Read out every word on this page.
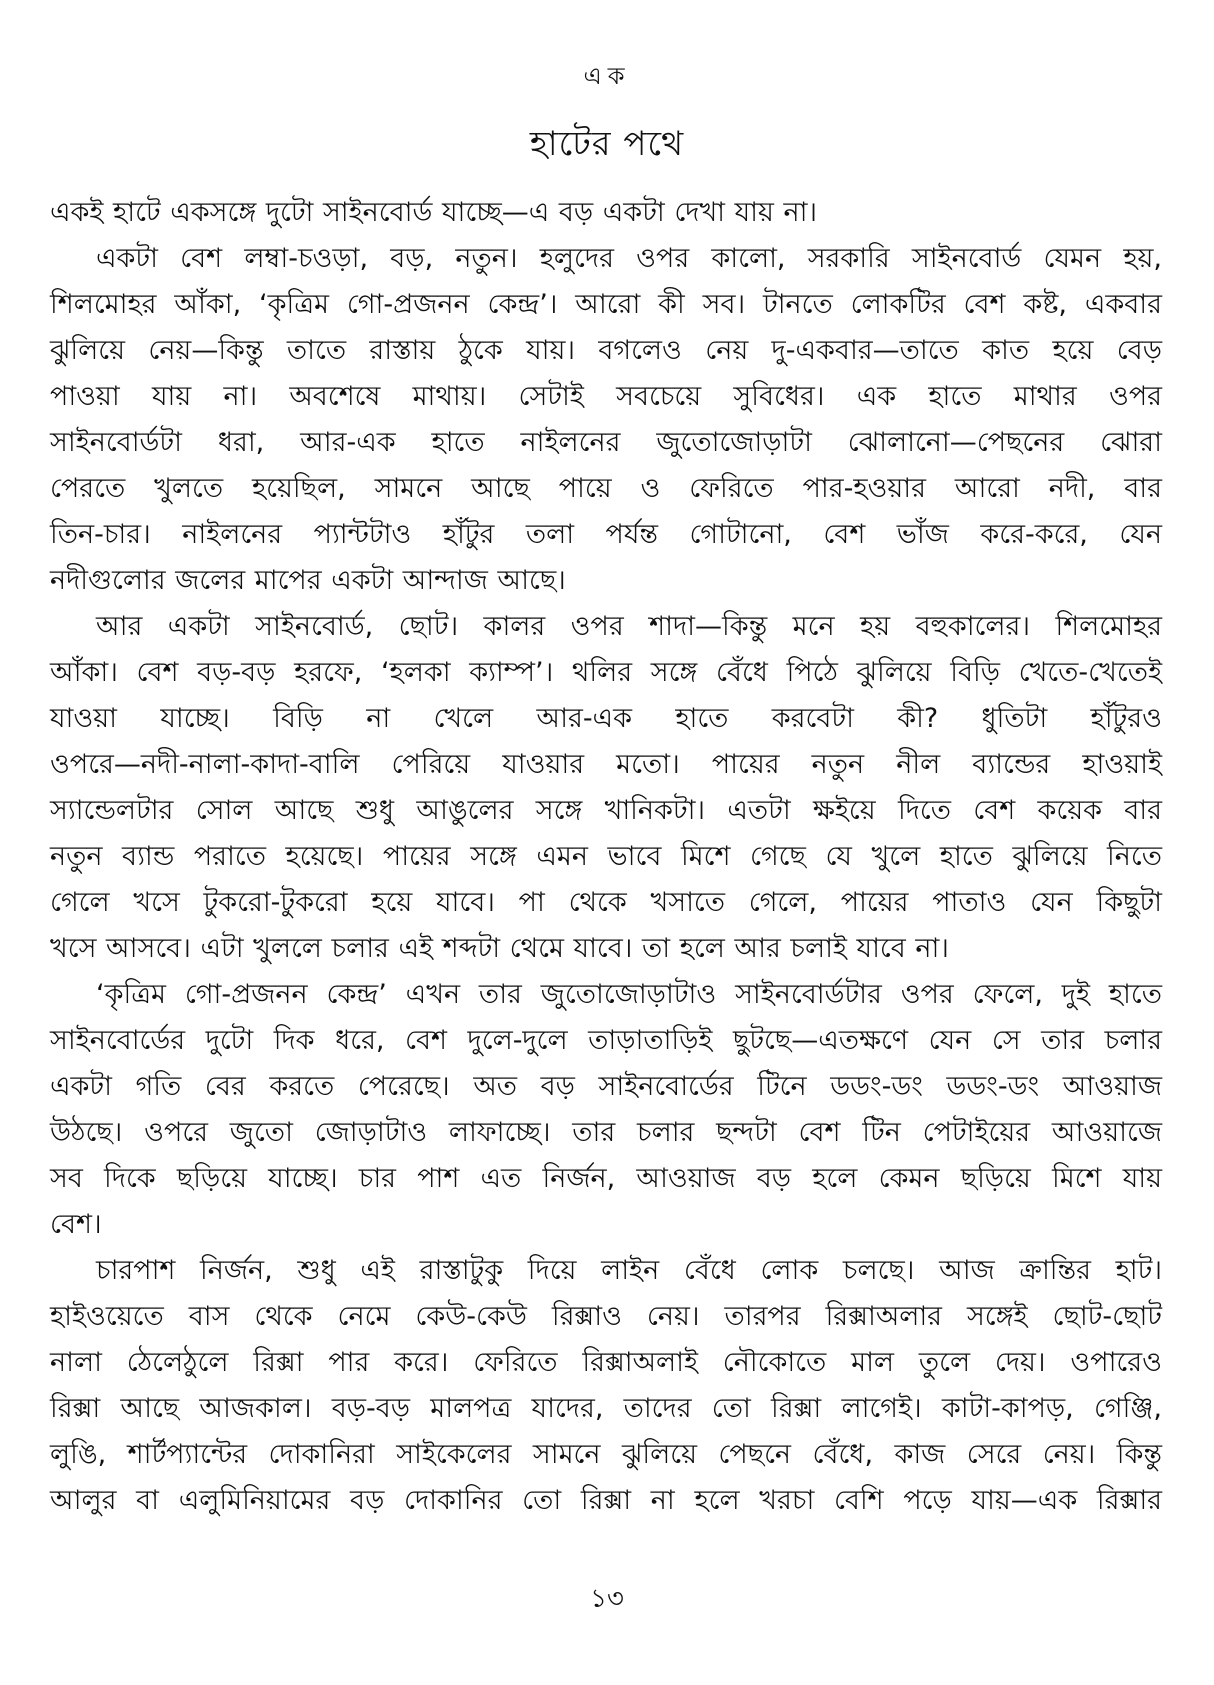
এক
হাটের পথে
একই হাটে একসঙ্গে দুটো সাইনবোর্ড যাচ্ছে—এ বড় একটা দেখা যায় না।
একটা বেশ লম্বা-চওড়া, বড়, নতুন। হলুদের ওপর কালো, সরকারি সাইনবোর্ড যেমন হয়,
শিলমোহর আঁকা, ‘কৃত্রিম গো-প্রজনন কেন্দ্র’। আরো কী সব। টানতে লোকটির বেশ কষ্ট, একবার
ঝুলিয়ে নেয়—কিন্তু তাতে রাস্তায় ঠুকে যায়। বগলেও নেয় দু-একবার—তাতে কাত হয়ে বেড়
পাওয়া যায় না। অবশেষে মাথায়। সেটাই সবচেয়ে সুবিধের। এক হাতে মাথার ওপর
সাইনবোর্ডটা ধরা, আর-এক হাতে নাইলনের জুতোজোড়াটা ঝোলানো—পেছনের ঝোরা
পেরতে খুলতে হয়েছিল, সামনে আছে পায়ে ও ফেরিতে পার-হওয়ার আরো নদী, বার
তিন-চার। নাইলনের প্যান্টটাও হাঁটুর তলা পর্যন্ত গোটানো, বেশ ভাঁজ করে-করে, যেন
নদীগুলোর জলের মাপের একটা আন্দাজ আছে।
আর একটা সাইনবোর্ড, ছোট। কালর ওপর শাদা—কিন্তু মনে হয় বহুকালের। শিলমোহর
আঁকা। বেশ বড়-বড় হরফে, ‘হলকা ক্যাম্প’। থলির সঙ্গে বেঁধে পিঠে ঝুলিয়ে বিড়ি খেতে-খেতেই
যাওয়া যাচ্ছে। বিড়ি না খেলে আর-এক হাতে করবেটা কী? ধুতিটা হাঁটুরও
ওপরে—নদী-নালা-কাদা-বালি পেরিয়ে যাওয়ার মতো। পায়ের নতুন নীল ব্যান্ডের হাওয়াই
স্যান্ডেলটার সোল আছে শুধু আঙুলের সঙ্গে খানিকটা। এতটা ক্ষইয়ে দিতে বেশ কয়েক বার
নতুন ব্যান্ড পরাতে হয়েছে। পায়ের সঙ্গে এমন ভাবে মিশে গেছে যে খুলে হাতে ঝুলিয়ে নিতে
গেলে খসে টুকরো-টুকরো হয়ে যাবে। পা থেকে খসাতে গেলে, পায়ের পাতাও যেন কিছুটা
খসে আসবে। এটা খুললে চলার এই শব্দটা থেমে যাবে। তা হলে আর চলাই যাবে না।
‘কৃত্রিম গো-প্রজনন কেন্দ্র’ এখন তার জুতোজোড়াটাও সাইনবোর্ডটার ওপর ফেলে, দুই হাতে
সাইনবোর্ডের দুটো দিক ধরে, বেশ দুলে-দুলে তাড়াতাড়িই ছুটছে—এতক্ষণে যেন সে তার চলার
একটা গতি বের করতে পেরেছে। অত বড় সাইনবোর্ডের টিনে ডডং-ডং ডডং-ডং আওয়াজ
উঠছে। ওপরে জুতো জোড়াটাও লাফাচ্ছে। তার চলার ছন্দটা বেশ টিন পেটাইয়ের আওয়াজে
সব দিকে ছড়িয়ে যাচ্ছে। চার পাশ এত নির্জন, আওয়াজ বড় হলে কেমন ছড়িয়ে মিশে যায়
বেশ।
চারপাশ নির্জন, শুধু এই রাস্তাটুকু দিয়ে লাইন বেঁধে লোক চলছে। আজ ক্রান্তির হাট।
হাইওয়েতে বাস থেকে নেমে কেউ-কেউ রিক্সাও নেয়। তারপর রিক্সাঅলার সঙ্গেই ছোট-ছোট
নালা ঠেলেঠুলে রিক্সা পার করে। ফেরিতে রিক্সাঅলাই নৌকোতে মাল তুলে দেয়। ওপারেও
রিক্সা আছে আজকাল। বড়-বড় মালপত্র যাদের, তাদের তো রিক্সা লাগেই। কাটা-কাপড়, গেঞ্জি,
লুঙি, শার্টপ্যান্টের দোকানিরা সাইকেলের সামনে ঝুলিয়ে পেছনে বেঁধে, কাজ সেরে নেয়। কিন্তু
আলুর বা এলুমিনিয়ামের বড় দোকানির তো রিক্সা না হলে খরচা বেশি পড়ে যায়—এক রিক্সার
১৩
